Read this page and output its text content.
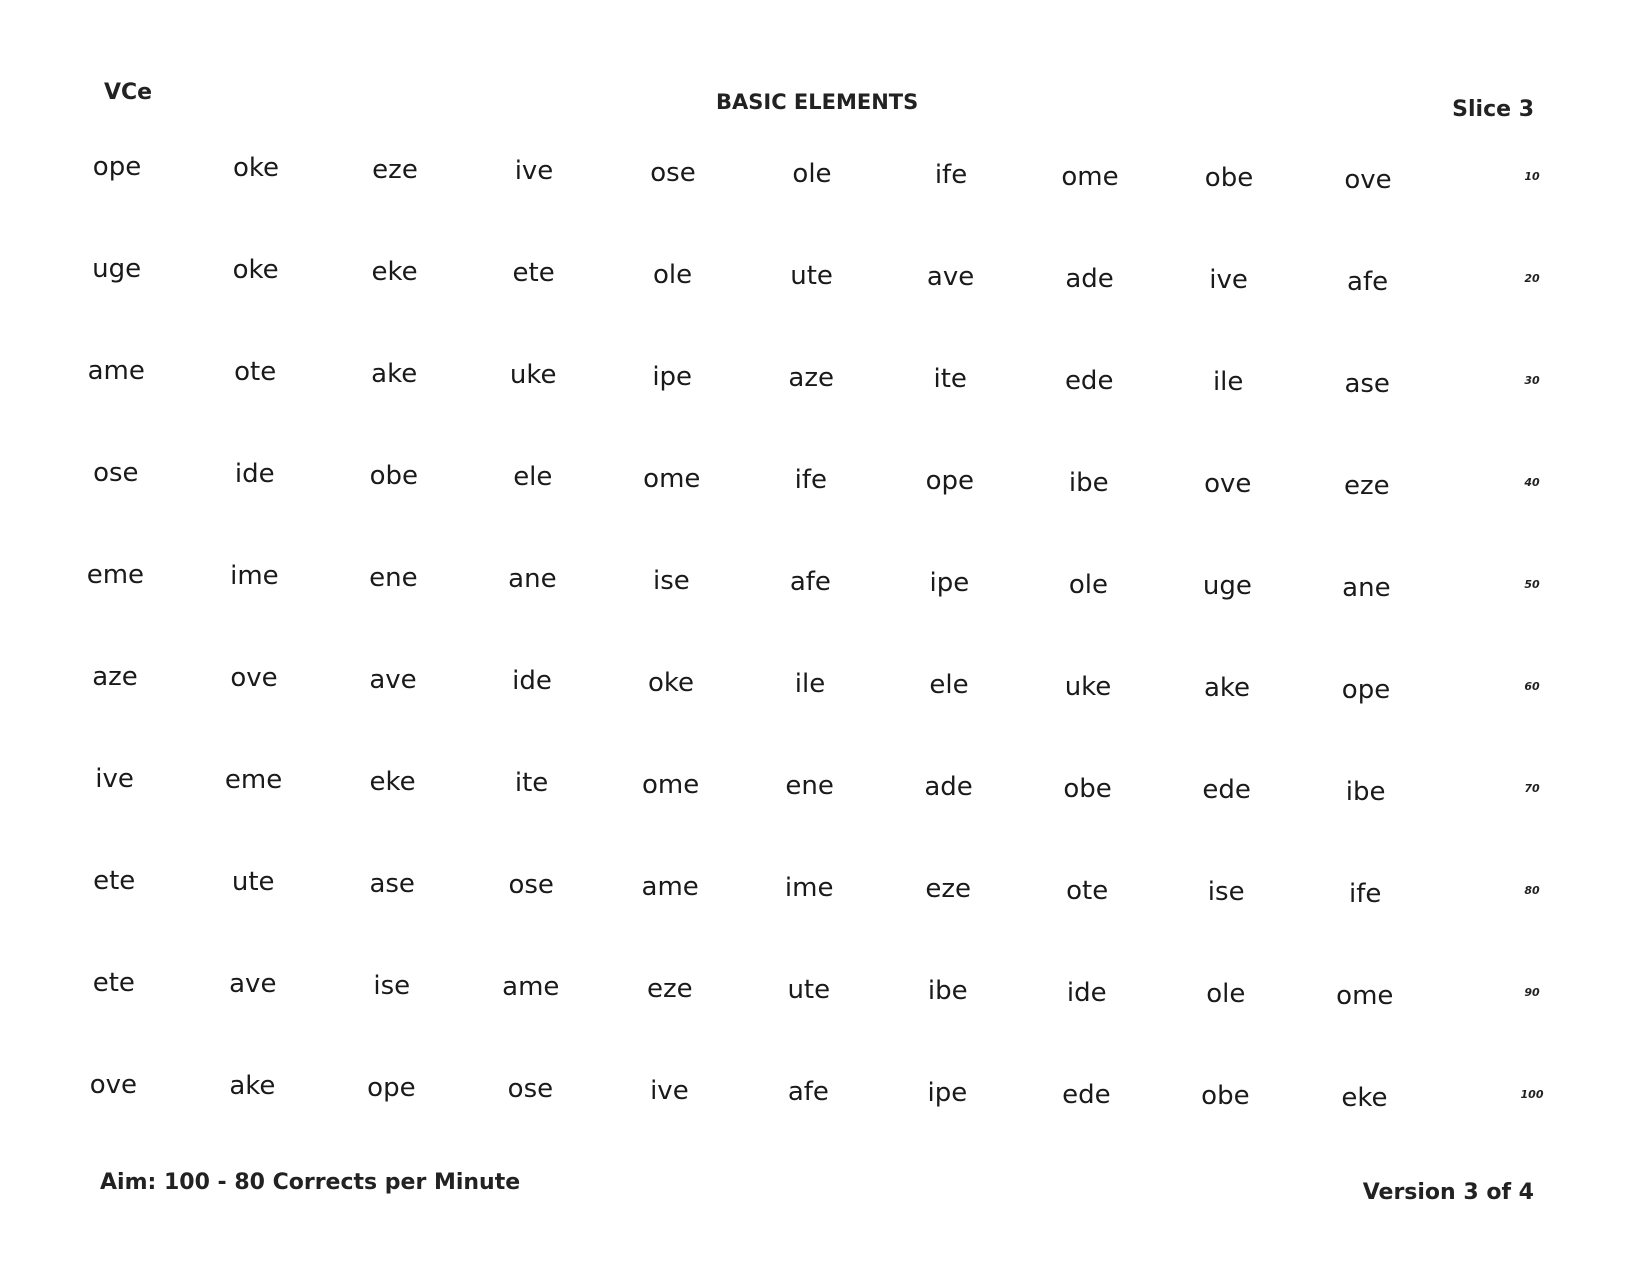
VCe	BASIC ELEMENTS	Slice 3
ope	oke	eze	ive	ose	ole	ife	ome	obe	ove	10
uge	oke	eke	ete	ole	ute	ave	ade	ive	afe	20
ame	ote	ake	uke	ipe	aze	ite	ede	ile	ase	30
ose	ide	obe	ele	ome	ife	ope	ibe	ove	eze	40
eme	ime	ene	ane	ise	afe	ipe	ole	uge	ane	50
aze	ove	ave	ide	oke	ile	ele	uke	ake	ope	60
ive	eme	eke	ite	ome	ene	ade	obe	ede	ibe	70
ete	ute	ase	ose	ame	ime	eze	ote	ise	ife	80
ete	ave	ise	ame	eze	ute	ibe	ide	ole	ome	90
ove	ake	ope	ose	ive	afe	ipe	ede	obe	eke	100
Aim: 100 - 80 Corrects per Minute	Version 3 of 4
